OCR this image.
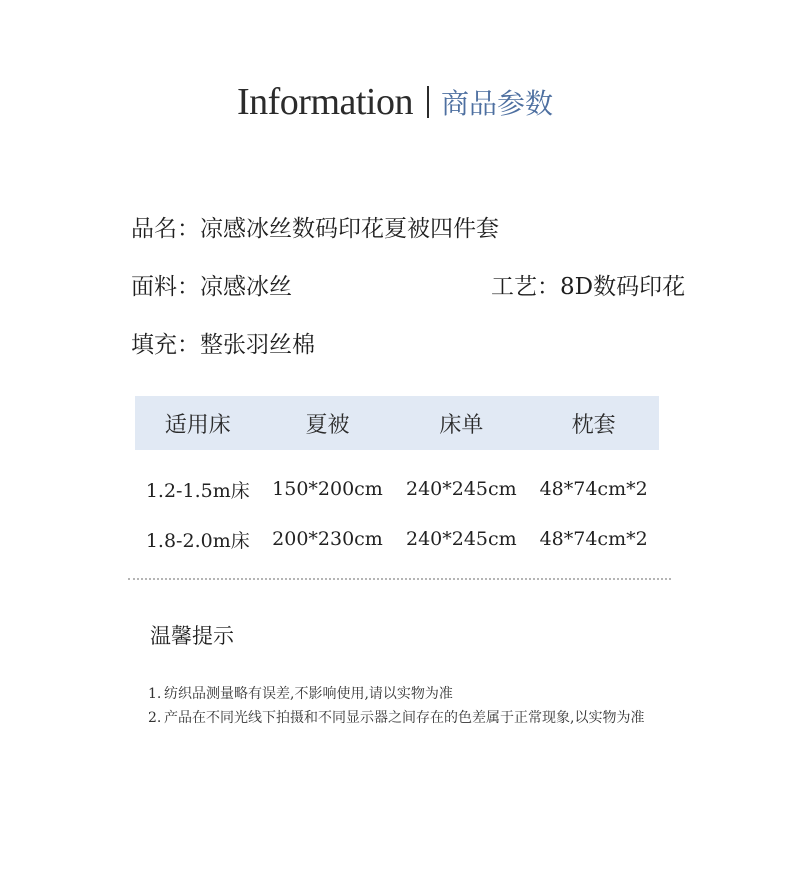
Information 商品参数
品名：凉感冰丝数码印花夏被四件套
面料：凉感冰丝	工艺：8D数码印花
填充：整张羽丝棉
适用床	夏被	床单	枕套
1.2-1.5m床	150*200cm	240*245cm	48*74cm*2
1.8-2.0m床	200*230cm	240*245cm	48*74cm*2
温馨提示
1. 纺织品测量略有误差,不影响使用,请以实物为准
2. 产品在不同光线下拍摄和不同显示器之间存在的色差属于正常现象,以实物为准
